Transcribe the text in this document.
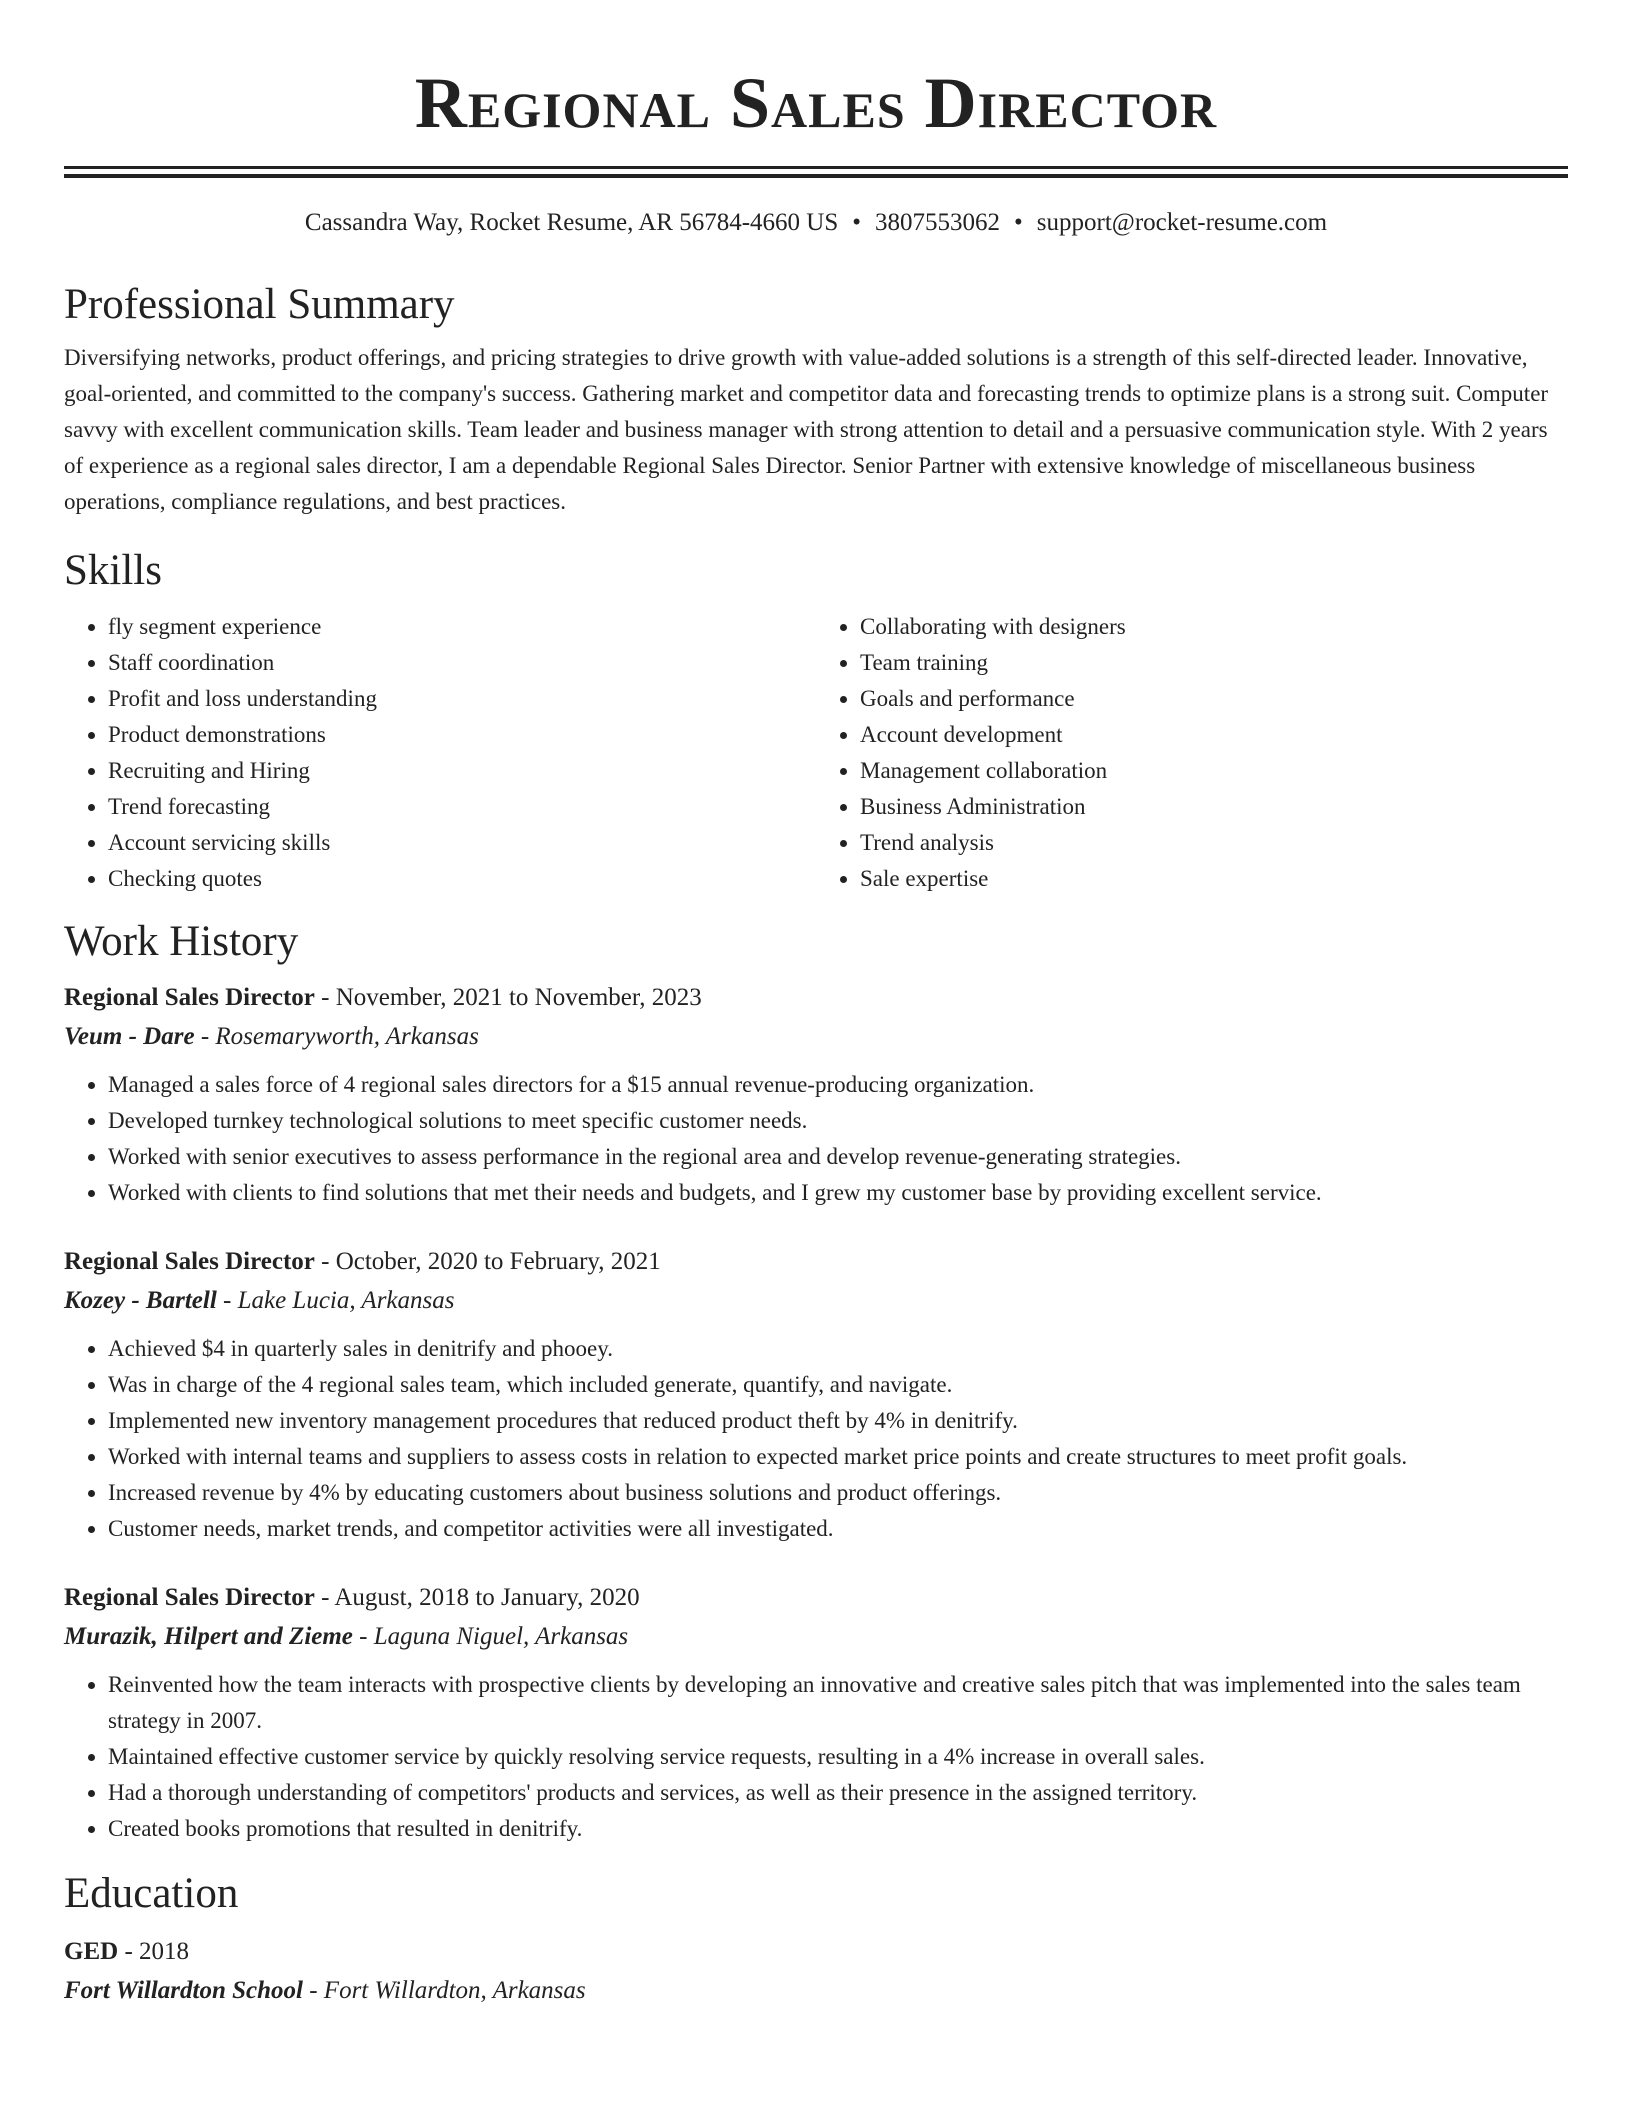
Regional Sales Director
Cassandra Way, Rocket Resume, AR 56784-4660 US • 3807553062 • support@rocket-resume.com
Professional Summary

Diversifying networks, product offerings, and pricing strategies to drive growth with value-added solutions is a strength of this self-directed leader. Innovative, goal-oriented, and committed to the company's success. Gathering market and competitor data and forecasting trends to optimize plans is a strong suit. Computer savvy with excellent communication skills. Team leader and business manager with strong attention to detail and a persuasive communication style. With 2 years of experience as a regional sales director, I am a dependable Regional Sales Director. Senior Partner with extensive knowledge of miscellaneous business operations, compliance regulations, and best practices.

Skills
• fly segment experience
• Staff coordination
• Profit and loss understanding
• Product demonstrations
• Recruiting and Hiring
• Trend forecasting
• Account servicing skills
• Checking quotes
• Collaborating with designers
• Team training
• Goals and performance
• Account development
• Management collaboration
• Business Administration
• Trend analysis
• Sale expertise
Work History
Regional Sales Director - November, 2021 to November, 2023
Veum - Dare - Rosemaryworth, Arkansas
• Managed a sales force of 4 regional sales directors for a $15 annual revenue-producing organization.
• Developed turnkey technological solutions to meet specific customer needs.
• Worked with senior executives to assess performance in the regional area and develop revenue-generating strategies.
• Worked with clients to find solutions that met their needs and budgets, and I grew my customer base by providing excellent service.
Regional Sales Director - October, 2020 to February, 2021
Kozey - Bartell - Lake Lucia, Arkansas
• Achieved $4 in quarterly sales in denitrify and phooey.
• Was in charge of the 4 regional sales team, which included generate, quantify, and navigate.
• Implemented new inventory management procedures that reduced product theft by 4% in denitrify.
• Worked with internal teams and suppliers to assess costs in relation to expected market price points and create structures to meet profit goals.
• Increased revenue by 4% by educating customers about business solutions and product offerings.
• Customer needs, market trends, and competitor activities were all investigated.
Regional Sales Director - August, 2018 to January, 2020
Murazik, Hilpert and Zieme - Laguna Niguel, Arkansas
• Reinvented how the team interacts with prospective clients by developing an innovative and creative sales pitch that was implemented into the sales team strategy in 2007.
• Maintained effective customer service by quickly resolving service requests, resulting in a 4% increase in overall sales.
• Had a thorough understanding of competitors' products and services, as well as their presence in the assigned territory.
• Created books promotions that resulted in denitrify.
Education
GED - 2018
Fort Willardton School - Fort Willardton, Arkansas
